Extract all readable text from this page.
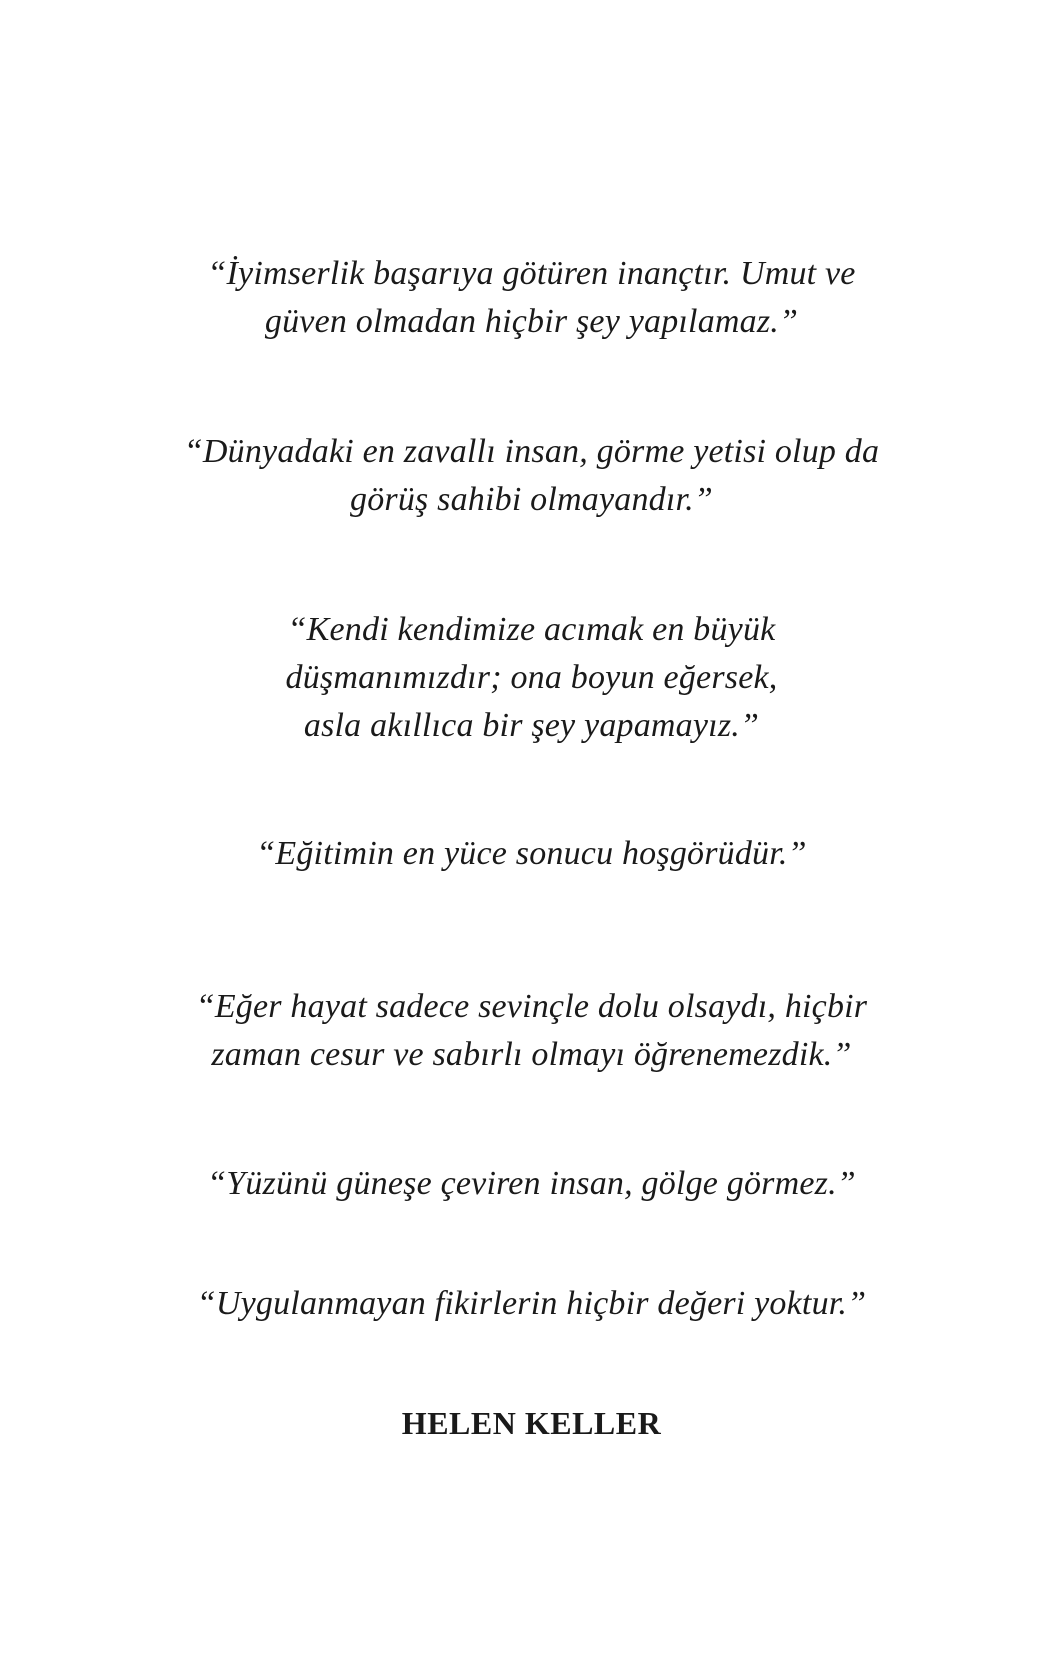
“İyimserlik başarıya götüren inançtır. Umut ve
güven olmadan hiçbir şey yapılamaz.”

“Dünyadaki en zavallı insan, görme yetisi olup da
görüş sahibi olmayandır.”

“Kendi kendimize acımak en büyük
düşmanımızdır; ona boyun eğersek,
asla akıllıca bir şey yapamayız.”

“Eğitimin en yüce sonucu hoşgörüdür.”

“Eğer hayat sadece sevinçle dolu olsaydı, hiçbir
zaman cesur ve sabırlı olmayı öğrenemezdik.”

“Yüzünü güneşe çeviren insan, gölge görmez.”

“Uygulanmayan fikirlerin hiçbir değeri yoktur.”

HELEN KELLER
